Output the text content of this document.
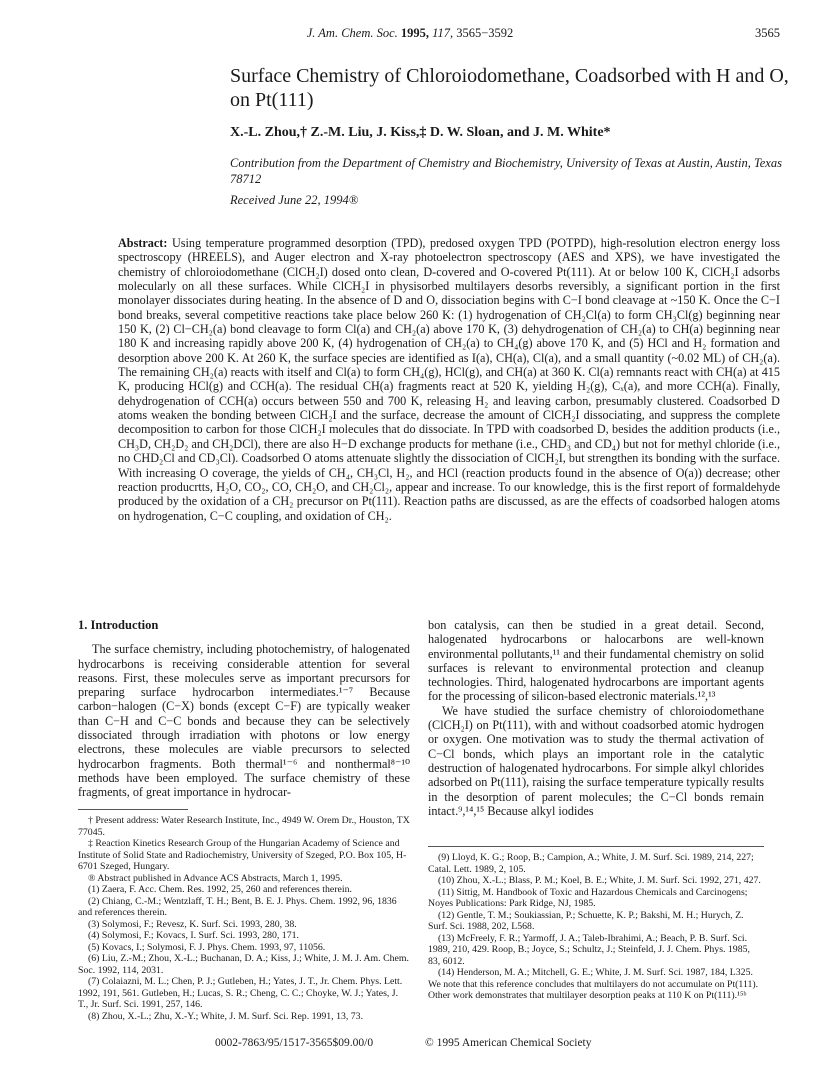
J. Am. Chem. Soc. 1995, 117, 3565−3592	3565
Surface Chemistry of Chloroiodomethane, Coadsorbed with H and O, on Pt(111)
X.-L. Zhou,† Z.-M. Liu, J. Kiss,‡ D. W. Sloan, and J. M. White*
Contribution from the Department of Chemistry and Biochemistry, University of Texas at Austin, Austin, Texas 78712
Received June 22, 1994®
Abstract: Using temperature programmed desorption (TPD), predosed oxygen TPD (POTPD), high-resolution electron energy loss spectroscopy (HREELS), and Auger electron and X-ray photoelectron spectroscopy (AES and XPS), we have investigated the chemistry of chloroiodomethane (ClCH₂I) dosed onto clean, D-covered and O-covered Pt(111). At or below 100 K, ClCH₂I adsorbs molecularly on all these surfaces. While ClCH₂I in physisorbed multilayers desorbs reversibly, a significant portion in the first monolayer dissociates during heating. In the absence of D and O, dissociation begins with C−I bond cleavage at ~150 K. Once the C−I bond breaks, several competitive reactions take place below 260 K: (1) hydrogenation of CH₂Cl(a) to form CH₃Cl(g) beginning near 150 K, (2) Cl−CH₂(a) bond cleavage to form Cl(a) and CH₂(a) above 170 K, (3) dehydrogenation of CH₂(a) to CH(a) beginning near 180 K and increasing rapidly above 200 K, (4) hydrogenation of CH₂(a) to CH₄(g) above 170 K, and (5) HCl and H₂ formation and desorption above 200 K. At 260 K, the surface species are identified as I(a), CH(a), Cl(a), and a small quantity (~0.02 ML) of CH₂(a). The remaining CH₂(a) reacts with itself and Cl(a) to form CH₄(g), HCl(g), and CH(a) at 360 K. Cl(a) remnants react with CH(a) at 415 K, producing HCl(g) and CCH(a). The residual CH(a) fragments react at 520 K, yielding H₂(g), Cₓ(a), and more CCH(a). Finally, dehydrogenation of CCH(a) occurs between 550 and 700 K, releasing H₂ and leaving carbon, presumably clustered. Coadsorbed D atoms weaken the bonding between ClCH₂I and the surface, decrease the amount of ClCH₂I dissociating, and suppress the complete decomposition to carbon for those ClCH₂I molecules that do dissociate. In TPD with coadsorbed D, besides the addition products (i.e., CH₃D, CH₂D₂ and CH₂DCl), there are also H−D exchange products for methane (i.e., CHD₃ and CD₄) but not for methyl chloride (i.e., no CHD₂Cl and CD₃Cl). Coadsorbed O atoms attenuate slightly the dissociation of ClCH₂I, but strengthen its bonding with the surface. With increasing O coverage, the yields of CH₄, CH₃Cl, H₂, and HCl (reaction products found in the absence of O(a)) decrease; other reaction producrtts, H₂O, CO₂, CO, CH₂O, and CH₂Cl₂, appear and increase. To our knowledge, this is the first report of formaldehyde produced by the oxidation of a CH₂ precursor on Pt(111). Reaction paths are discussed, as are the effects of coadsorbed halogen atoms on hydrogenation, C−C coupling, and oxidation of CH₂.
1. Introduction

The surface chemistry, including photochemistry, of halogenated hydrocarbons is receiving considerable attention for several reasons. First, these molecules serve as important precursors for preparing surface hydrocarbon intermediates.¹⁻⁷ Because carbon−halogen (C−X) bonds (except C−F) are typically weaker than C−H and C−C bonds and because they can be selectively dissociated through irradiation with photons or low energy electrons, these molecules are viable precursors to selected hydrocarbon fragments. Both thermal¹⁻⁶ and nonthermal⁸⁻¹⁰ methods have been employed. The surface chemistry of these fragments, of great importance in hydrocar-

bon catalysis, can then be studied in a great detail. Second, halogenated hydrocarbons or halocarbons are well-known environmental pollutants,¹¹ and their fundamental chemistry on solid surfaces is relevant to environmental protection and cleanup technologies. Third, halogenated hydrocarbons are important agents for the processing of silicon-based electronic materials.¹²,¹³

We have studied the surface chemistry of chloroiodomethane (ClCH₂I) on Pt(111), with and without coadsorbed atomic hydrogen or oxygen. One motivation was to study the thermal activation of C−Cl bonds, which plays an important role in the catalytic destruction of halogenated hydrocarbons. For simple alkyl chlorides adsorbed on Pt(111), raising the surface temperature typically results in the desorption of parent molecules; the C−Cl bonds remain intact.⁹,¹⁴,¹⁵ Because alkyl iodides

† Present address: Water Research Institute, Inc., 4949 W. Orem Dr., Houston, TX 77045.

‡ Reaction Kinetics Research Group of the Hungarian Academy of Science and Institute of Solid State and Radiochemistry, University of Szeged, P.O. Box 105, H-6701 Szeged, Hungary.

® Abstract published in Advance ACS Abstracts, March 1, 1995.

(1) Zaera, F. Acc. Chem. Res. 1992, 25, 260 and references therein.

(2) Chiang, C.-M.; Wentzlaff, T. H.; Bent, B. E. J. Phys. Chem. 1992, 96, 1836 and references therein.

(3) Solymosi, F.; Revesz, K. Surf. Sci. 1993, 280, 38.

(4) Solymosi, F.; Kovacs, I. Surf. Sci. 1993, 280, 171.

(5) Kovacs, I.; Solymosi, F. J. Phys. Chem. 1993, 97, 11056.

(6) Liu, Z.-M.; Zhou, X.-L.; Buchanan, D. A.; Kiss, J.; White, J. M. J. Am. Chem. Soc. 1992, 114, 2031.

(7) Colaiazni, M. L.; Chen, P. J.; Gutleben, H.; Yates, J. T., Jr. Chem. Phys. Lett. 1992, 191, 561. Gutleben, H.; Lucas, S. R.; Cheng, C. C.; Choyke, W. J.; Yates, J. T., Jr. Surf. Sci. 1991, 257, 146.

(8) Zhou, X.-L.; Zhu, X.-Y.; White, J. M. Surf. Sci. Rep. 1991, 13, 73.

(9) Lloyd, K. G.; Roop, B.; Campion, A.; White, J. M. Surf. Sci. 1989, 214, 227; Catal. Lett. 1989, 2, 105.

(10) Zhou, X.-L.; Blass, P. M.; Koel, B. E.; White, J. M. Surf. Sci. 1992, 271, 427.

(11) Sittig, M. Handbook of Toxic and Hazardous Chemicals and Carcinogens; Noyes Publications: Park Ridge, NJ, 1985.

(12) Gentle, T. M.; Soukiassian, P.; Schuette, K. P.; Bakshi, M. H.; Hurych, Z. Surf. Sci. 1988, 202, L568.

(13) McFreely, F. R.; Yarmoff, J. A.; Taleb-Ibrahimi, A.; Beach, P. B. Surf. Sci. 1989, 210, 429. Roop, B.; Joyce, S.; Schultz, J.; Steinfeld, J. J. Chem. Phys. 1985, 83, 6012.

(14) Henderson, M. A.; Mitchell, G. E.; White, J. M. Surf. Sci. 1987, 184, L325. We note that this reference concludes that multilayers do not accumulate on Pt(111). Other work demonstrates that multilayer desorption peaks at 110 K on Pt(111).¹⁵ᵇ

0002-7863/95/1517-3565$09.00/0	© 1995 American Chemical Society
